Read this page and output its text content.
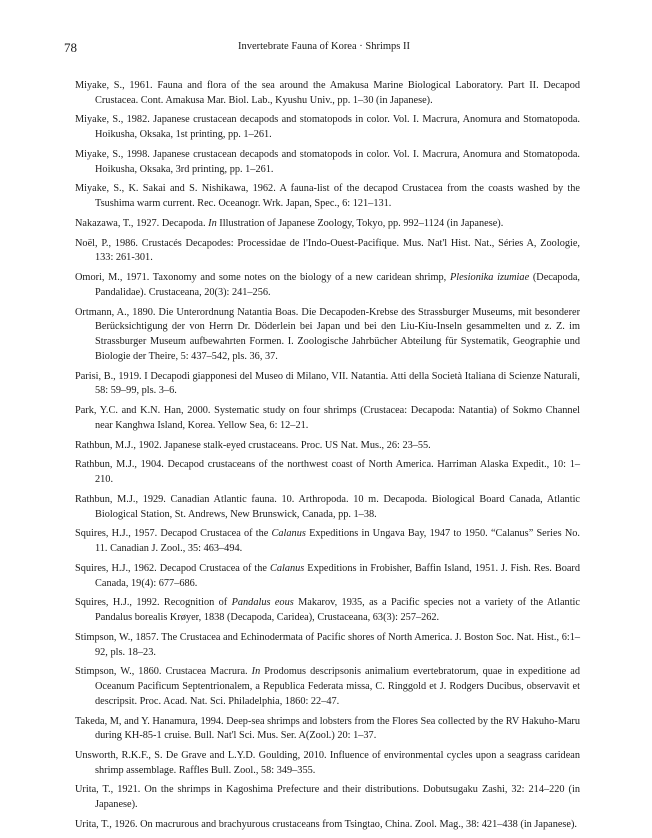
78	Invertebrate Fauna of Korea · Shrimps II
Miyake, S., 1961. Fauna and flora of the sea around the Amakusa Marine Biological Laboratory. Part II. Decapod Crustacea. Cont. Amakusa Mar. Biol. Lab., Kyushu Univ., pp. 1–30 (in Japanese).
Miyake, S., 1982. Japanese crustacean decapods and stomatopods in color. Vol. I. Macrura, Anomura and Stomatopoda. Hoikusha, Oksaka, 1st printing, pp. 1–261.
Miyake, S., 1998. Japanese crustacean decapods and stomatopods in color. Vol. I. Macrura, Anomura and Stomatopoda. Hoikusha, Oksaka, 3rd printing, pp. 1–261.
Miyake, S., K. Sakai and S. Nishikawa, 1962. A fauna-list of the decapod Crustacea from the coasts washed by the Tsushima warm current. Rec. Oceanogr. Wrk. Japan, Spec., 6: 121–131.
Nakazawa, T., 1927. Decapoda. In Illustration of Japanese Zoology, Tokyo, pp. 992–1124 (in Japanese).
Noël, P., 1986. Crustacés Decapodes: Processidae de l'Indo-Ouest-Pacifique. Mus. Nat'l Hist. Nat., Séries A, Zoologie, 133: 261-301.
Omori, M., 1971. Taxonomy and some notes on the biology of a new caridean shrimp, Plesionika izumiae (Decapoda, Pandalidae). Crustaceana, 20(3): 241–256.
Ortmann, A., 1890. Die Unterordnung Natantia Boas. Die Decapoden-Krebse des Strassburger Museums, mit besonderer Berücksichtigung der von Herrn Dr. Döderlein bei Japan und bei den Liu-Kiu-Inseln gesammelten und z. Z. im Strassburger Museum aufbewahrten Formen. I. Zoologische Jahrbücher Abteilung für Systematik, Geographie und Biologie der Theire, 5: 437–542, pls. 36, 37.
Parisi, B., 1919. I Decapodi giapponesi del Museo di Milano, VII. Natantia. Atti della Società Italiana di Scienze Naturali, 58: 59–99, pls. 3–6.
Park, Y.C. and K.N. Han, 2000. Systematic study on four shrimps (Crustacea: Decapoda: Natantia) of Sokmo Channel near Kanghwa Island, Korea. Yellow Sea, 6: 12–21.
Rathbun, M.J., 1902. Japanese stalk-eyed crustaceans. Proc. US Nat. Mus., 26: 23–55.
Rathbun, M.J., 1904. Decapod crustaceans of the northwest coast of North America. Harriman Alaska Expedit., 10: 1–210.
Rathbun, M.J., 1929. Canadian Atlantic fauna. 10. Arthropoda. 10 m. Decapoda. Biological Board Canada, Atlantic Biological Station, St. Andrews, New Brunswick, Canada, pp. 1–38.
Squires, H.J., 1957. Decapod Crustacea of the Calanus Expeditions in Ungava Bay, 1947 to 1950. “Calanus” Series No. 11. Canadian J. Zool., 35: 463–494.
Squires, H.J., 1962. Decapod Crustacea of the Calanus Expeditions in Frobisher, Baffin Island, 1951. J. Fish. Res. Board Canada, 19(4): 677–686.
Squires, H.J., 1992. Recognition of Pandalus eous Makarov, 1935, as a Pacific species not a variety of the Atlantic Pandalus borealis Krøyer, 1838 (Decapoda, Caridea), Crustaceana, 63(3): 257–262.
Stimpson, W., 1857. The Crustacea and Echinodermata of Pacific shores of North America. J. Boston Soc. Nat. Hist., 6:1–92, pls. 18–23.
Stimpson, W., 1860. Crustacea Macrura. In Prodomus descripsonis animalium evertebratorum, quae in expeditione ad Oceanum Pacificum Septentrionalem, a Republica Federata missa, C. Ringgold et J. Rodgers Ducibus, observavit et descripsit. Proc. Acad. Nat. Sci. Philadelphia, 1860: 22–47.
Takeda, M, and Y. Hanamura, 1994. Deep-sea shrimps and lobsters from the Flores Sea collected by the RV Hakuho-Maru during KH-85-1 cruise. Bull. Nat'l Sci. Mus. Ser. A(Zool.) 20: 1–37.
Unsworth, R.K.F., S. De Grave and L.Y.D. Goulding, 2010. Influence of environmental cycles upon a seagrass caridean shrimp assemblage. Raffles Bull. Zool., 58: 349–355.
Urita, T., 1921. On the shrimps in Kagoshima Prefecture and their distributions. Dobutsugaku Zashi, 32: 214–220 (in Japanese).
Urita, T., 1926. On macrurous and brachyurous crustaceans from Tsingtao, China. Zool. Mag., 38: 421–438 (in Japanese).
